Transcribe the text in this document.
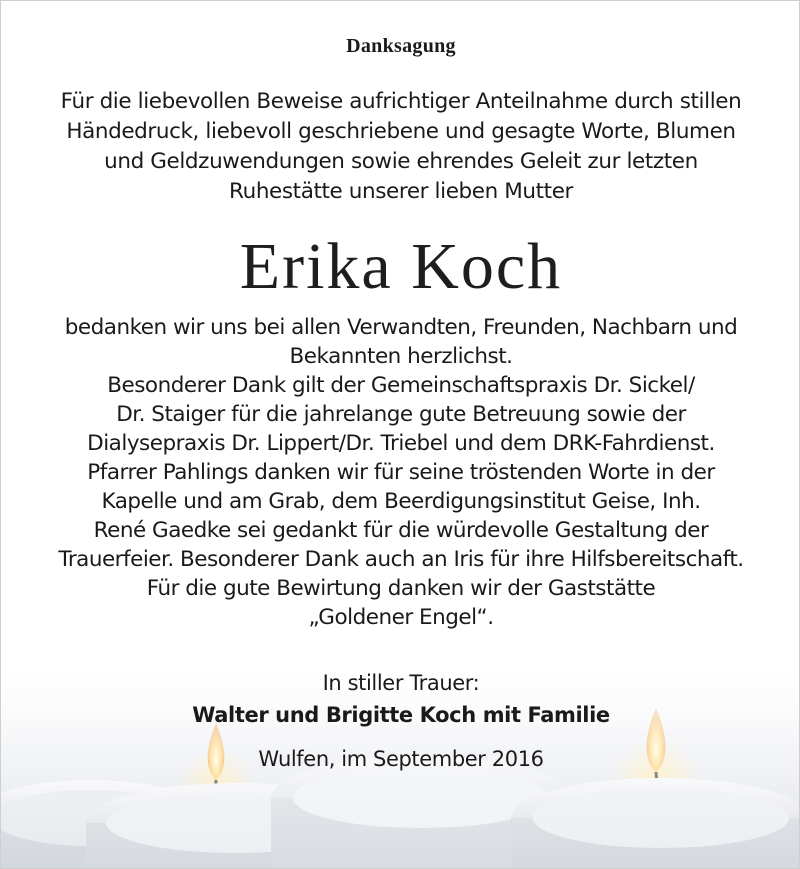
Danksagung
Für die liebevollen Beweise aufrichtiger Anteilnahme durch stillen
Händedruck, liebevoll geschriebene und gesagte Worte, Blumen
und Geldzuwendungen sowie ehrendes Geleit zur letzten
Ruhestätte unserer lieben Mutter
Erika Koch
bedanken wir uns bei allen Verwandten, Freunden, Nachbarn und
Bekannten herzlichst.
Besonderer Dank gilt der Gemeinschaftspraxis Dr. Sickel/
Dr. Staiger für die jahrelange gute Betreuung sowie der
Dialysepraxis Dr. Lippert/Dr. Triebel und dem DRK-Fahrdienst.
Pfarrer Pahlings danken wir für seine tröstenden Worte in der
Kapelle und am Grab, dem Beerdigungsinstitut Geise, Inh.
René Gaedke sei gedankt für die würdevolle Gestaltung der
Trauerfeier. Besonderer Dank auch an Iris für ihre Hilfsbereitschaft.
Für die gute Bewirtung danken wir der Gaststätte
„Goldener Engel“.
In stiller Trauer:
Walter und Brigitte Koch mit Familie
Wulfen, im September 2016
